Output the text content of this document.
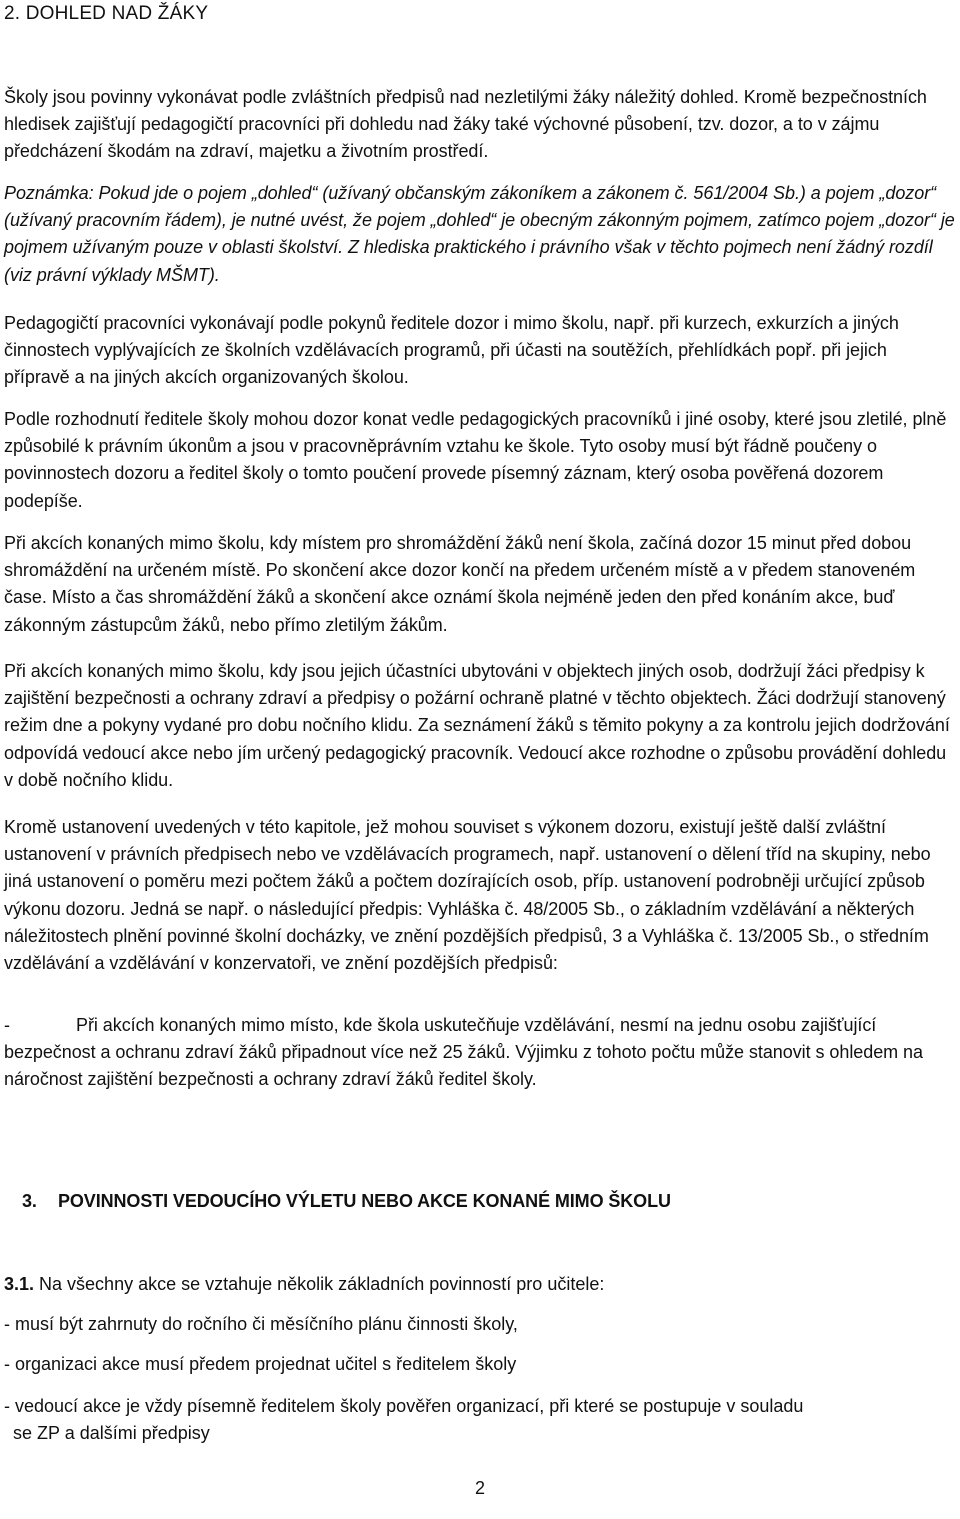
2. DOHLED NAD ŽÁKY

Školy jsou povinny vykonávat podle zvláštních předpisů nad nezletilými žáky náležitý dohled. Kromě bezpečnostních hledisek zajišťují pedagogičtí pracovníci při dohledu nad žáky také výchovné působení, tzv. dozor, a to v zájmu předcházení škodám na zdraví, majetku a životním prostředí.

Poznámka: Pokud jde o pojem „dohled“ (užívaný občanským zákoníkem a zákonem č. 561/2004 Sb.) a pojem „dozor“ (užívaný pracovním řádem), je nutné uvést, že pojem „dohled“ je obecným zákonným pojmem, zatímco pojem „dozor“ je pojmem užívaným pouze v oblasti školství. Z hlediska praktického i právního však v těchto pojmech není žádný rozdíl (viz právní výklady MŠMT).

Pedagogičtí pracovníci vykonávají podle pokynů ředitele dozor i mimo školu, např. při kurzech, exkurzích a jiných činnostech vyplývajících ze školních vzdělávacích programů, při účasti na soutěžích, přehlídkách popř. při jejich přípravě a na jiných akcích organizovaných školou.

Podle rozhodnutí ředitele školy mohou dozor konat vedle pedagogických pracovníků i jiné osoby, které jsou zletilé, plně způsobilé k právním úkonům a jsou v pracovněprávním vztahu ke škole. Tyto osoby musí být řádně poučeny o povinnostech dozoru a ředitel školy o tomto poučení provede písemný záznam, který osoba pověřená dozorem podepíše.

Při akcích konaných mimo školu, kdy místem pro shromáždění žáků není škola, začíná dozor 15 minut před dobou shromáždění na určeném místě. Po skončení akce dozor končí na předem určeném místě a v předem stanoveném čase. Místo a čas shromáždění žáků a skončení akce oznámí škola nejméně jeden den před konáním akce, buď zákonným zástupcům žáků, nebo přímo zletilým žákům.

Při akcích konaných mimo školu, kdy jsou jejich účastníci ubytováni v objektech jiných osob, dodržují žáci předpisy k zajištění bezpečnosti a ochrany zdraví a předpisy o požární ochraně platné v těchto objektech. Žáci dodržují stanovený režim dne a pokyny vydané pro dobu nočního klidu. Za seznámení žáků s těmito pokyny a za kontrolu jejich dodržování odpovídá vedoucí akce nebo jím určený pedagogický pracovník. Vedoucí akce rozhodne o způsobu provádění dohledu v době nočního klidu.

Kromě ustanovení uvedených v této kapitole, jež mohou souviset s výkonem dozoru, existují ještě další zvláštní ustanovení v právních předpisech nebo ve vzdělávacích programech, např. ustanovení o dělení tříd na skupiny, nebo jiná ustanovení o poměru mezi počtem žáků a počtem dozírajících osob, příp. ustanovení podrobněji určující způsob výkonu dozoru. Jedná se např. o následující předpis: Vyhláška č. 48/2005 Sb., o základním vzdělávání a některých náležitostech plnění povinné školní docházky, ve znění pozdějších předpisů, 3 a Vyhláška č. 13/2005 Sb., o středním vzdělávání a vzdělávání v konzervatoři, ve znění pozdějších předpisů:

-	Při akcích konaných mimo místo, kde škola uskutečňuje vzdělávání, nesmí na jednu osobu zajišťující bezpečnost a ochranu zdraví žáků připadnout více než 25 žáků. Výjimku z tohoto počtu může stanovit s ohledem na náročnost zajištění bezpečnosti a ochrany zdraví žáků ředitel školy.
3. POVINNOSTI VEDOUCÍHO VÝLETU NEBO AKCE KONANÉ MIMO ŠKOLU

3.1. Na všechny akce se vztahuje několik základních povinností pro učitele:

- musí být zahrnuty do ročního či měsíčního plánu činnosti školy,

- organizaci akce musí předem projednat učitel s ředitelem školy

- vedoucí akce je vždy písemně ředitelem školy pověřen organizací, při které se postupuje v souladu
se ZP a dalšími předpisy
2
